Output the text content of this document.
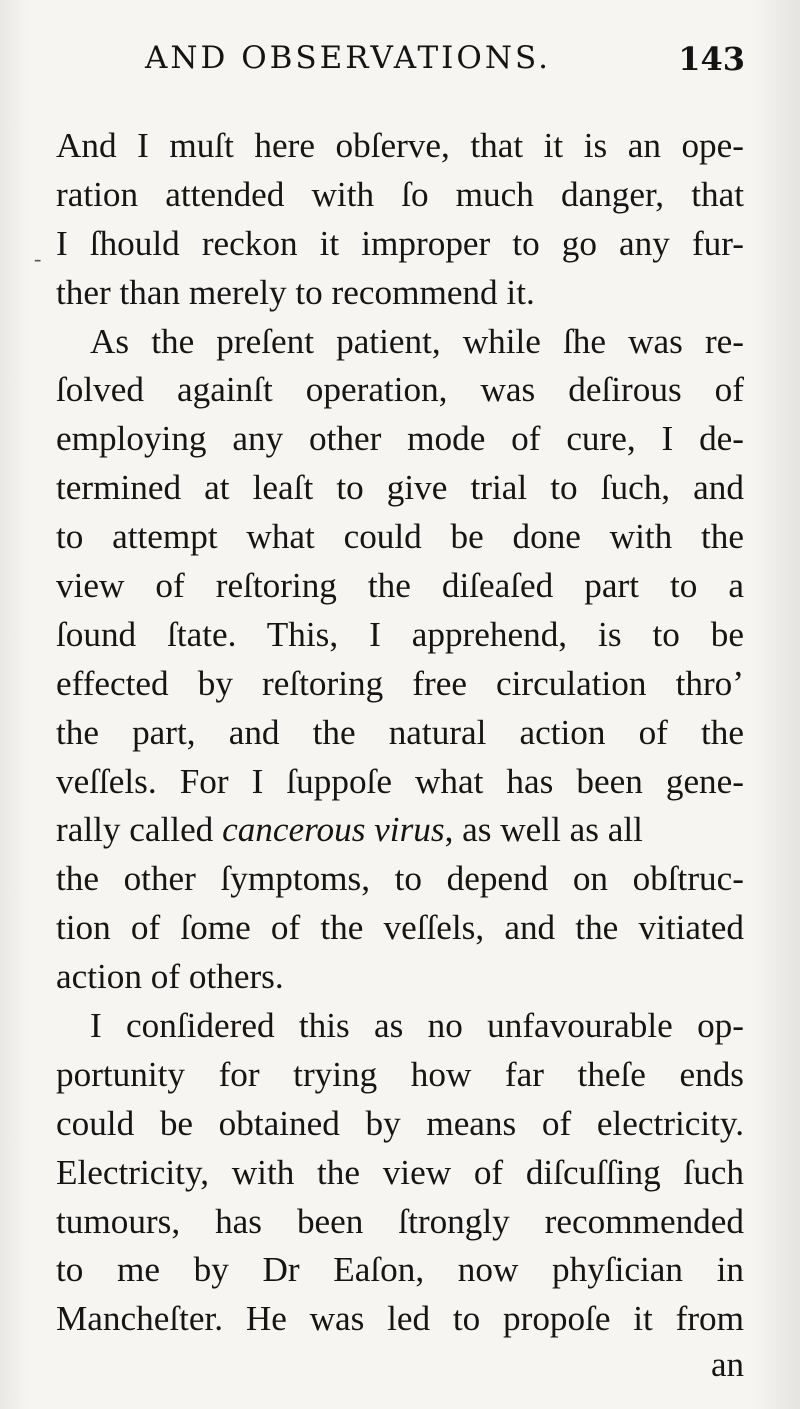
AND OBSERVATIONS.	143
-
And I muſt here obſerve, that it is an ope-
ration attended with ſo much danger, that
I ſhould reckon it improper to go any fur-
ther than merely to recommend it.
As the preſent patient, while ſhe was re-
ſolved againſt operation, was deſirous of
employing any other mode of cure, I de-
termined at leaſt to give trial to ſuch, and
to attempt what could be done with the
view of reſtoring the diſeaſed part to a
ſound ſtate. This, I apprehend, is to be
effected by reſtoring free circulation thro’
the part, and the natural action of the
veſſels. For I ſuppoſe what has been gene-
rally called cancerous virus, as well as all
the other ſymptoms, to depend on obſtruc-
tion of ſome of the veſſels, and the vitiated
action of others.
I conſidered this as no unfavourable op-
portunity for trying how far theſe ends
could be obtained by means of electricity.
Electricity, with the view of diſcuſſing ſuch
tumours, has been ſtrongly recommended
to me by Dr Eaſon, now phyſician in
Mancheſter. He was led to propoſe it from
an
